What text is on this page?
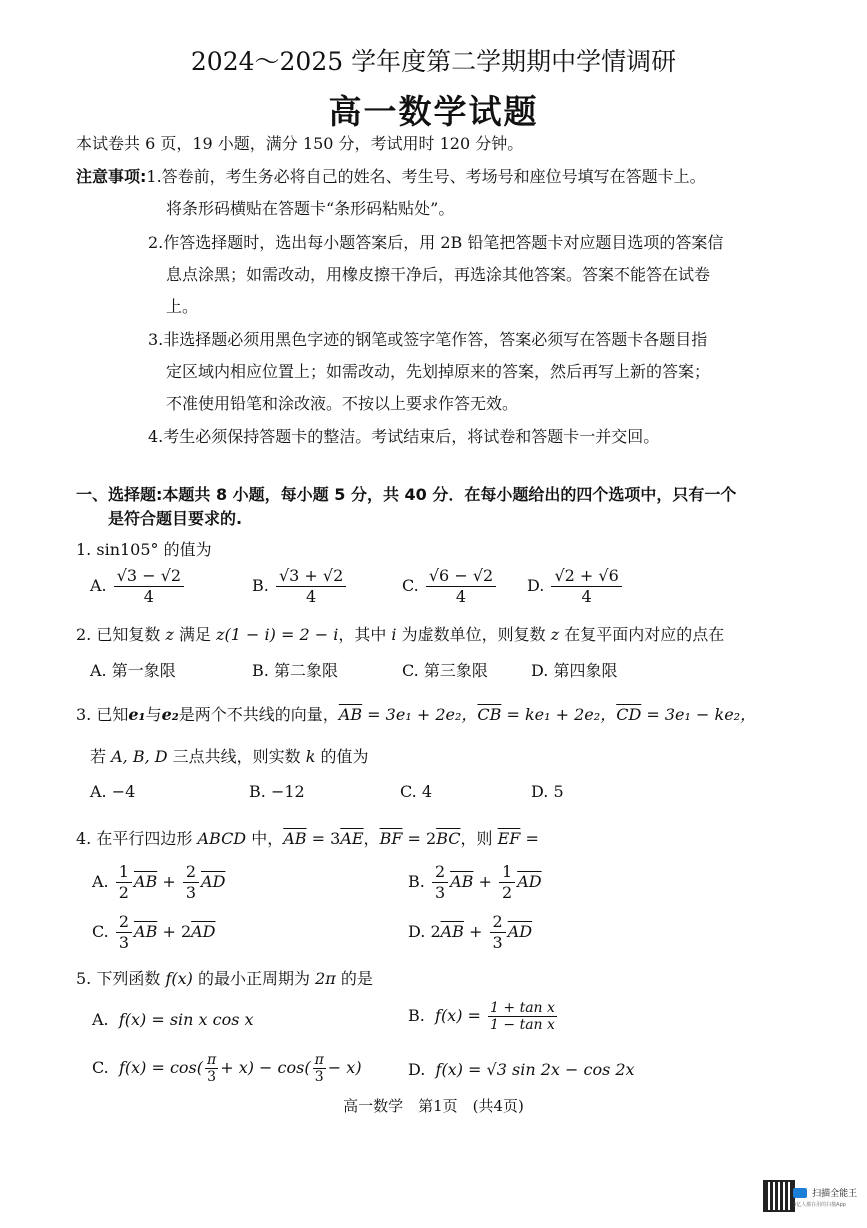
2024～2025 学年度第二学期期中学情调研
高一数学试题
本试卷共 6 页，19 小题，满分 150 分，考试用时 120 分钟。
注意事项:1.答卷前，考生务必将自己的姓名、考生号、考场号和座位号填写在答题卡上。
将条形码横贴在答题卡“条形码粘贴处”。
2.作答选择题时，选出每小题答案后，用 2B 铅笔把答题卡对应题目选项的答案信
息点涂黑；如需改动，用橡皮擦干净后，再选涂其他答案。答案不能答在试卷
上。
3.非选择题必须用黑色字迹的钢笔或签字笔作答，答案必须写在答题卡各题目指
定区域内相应位置上；如需改动，先划掉原来的答案，然后再写上新的答案；
不准使用铅笔和涂改液。不按以上要求作答无效。
4.考生必须保持答题卡的整洁。考试结束后，将试卷和答题卡一并交回。
一、选择题:本题共 8 小题，每小题 5 分，共 40 分．在每小题给出的四个选项中，只有一个
是符合题目要求的.
1. sin105° 的值为
A. $\frac{√3 - √2}{4}$	B. $\frac{√3 + √2}{4}$	C. $\frac{√6 - √2}{4} D$. $\frac{√2 + √6}{4}$
2. 已知复数 z 满足 z(1 − i) = 2 − i，其中 i 为虚数单位，则复数 z 在复平面内对应的点在
A. 第一象限	B. 第二象限	C. 第三象限	D. 第四象限
3. 已知e₁与e₂是两个不共线的向量，$\overline{AB} = 3e_1 + 2e_2$，$\overline{CB} = ke_1 + 2e_2$，$\overline{CD} = 3e_1 - ke_2$，
若 A, B, D 三点共线，则实数 k 的值为
A. −4	B. −12	C. 4	D. 5
4. 在平行四边形 ABCD 中，$\overline{AB} = 3\overline{AE}$，$\overline{BF} = 2\overline{BC}$，则 $\overline{EF}$ =
A. $\frac{1}{2} \overline{AB} + \frac{2}{3} \overline{AD}$	B. $\frac{2}{3} \overline{AB} + \frac{1}{2} \overline{AD}$
C. $\frac{2}{3} \overline{AB} + 2\overline{AD}$	D. $2\overline{AB} + \frac{2}{3} \overline{AD}$
5. 下列函数 f(x) 的最小正周期为 2π 的是
A. f(x) = sin x cos x	B. $f(x) = \frac{\text{1 + tan x}}{\text{1 − tan x}}$
C. $f(x) = \cos( \frac{\pi}{3} + x) - \cos( \frac{\pi}{3} - x)$	D. f(x) = √3 sin 2x − cos 2x
高一数学　第1页　(共4页)
扫描全能王
3亿人都在用的扫描App
